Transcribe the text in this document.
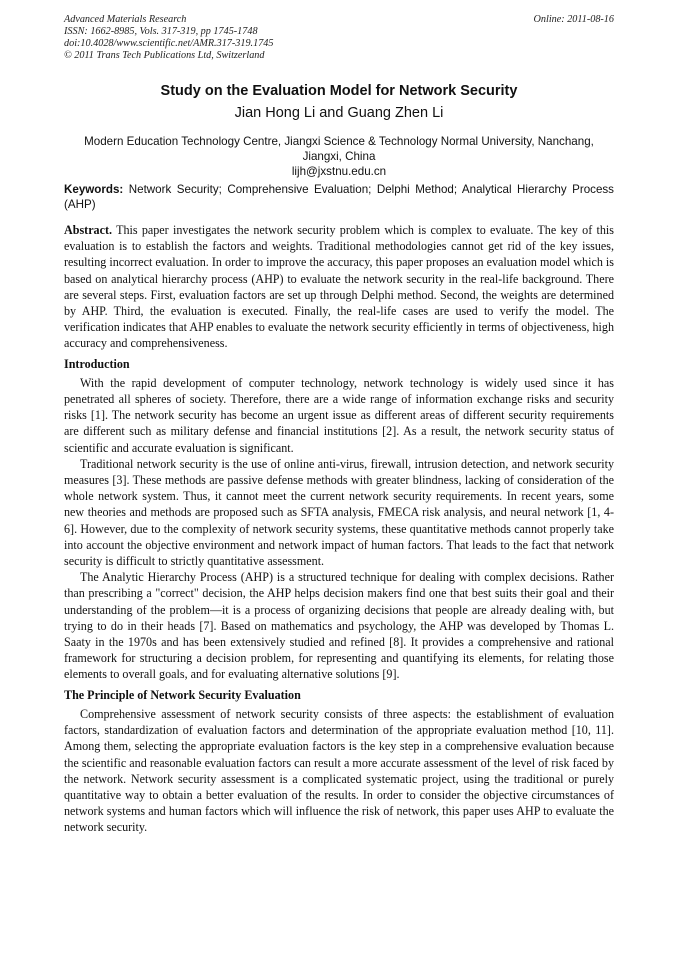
Advanced Materials Research
ISSN: 1662-8985, Vols. 317-319, pp 1745-1748
doi:10.4028/www.scientific.net/AMR.317-319.1745
© 2011 Trans Tech Publications Ltd, Switzerland
Online: 2011-08-16
Study on the Evaluation Model for Network Security
Jian Hong Li and Guang Zhen Li
Modern Education Technology Centre, Jiangxi Science & Technology Normal University, Nanchang, Jiangxi, China
lijh@jxstnu.edu.cn
Keywords: Network Security; Comprehensive Evaluation; Delphi Method; Analytical Hierarchy Process (AHP)

Abstract. This paper investigates the network security problem which is complex to evaluate. The key of this evaluation is to establish the factors and weights. Traditional methodologies cannot get rid of the key issues, resulting incorrect evaluation. In order to improve the accuracy, this paper proposes an evaluation model which is based on analytical hierarchy process (AHP) to evaluate the network security in the real-life background. There are several steps. First, evaluation factors are set up through Delphi method. Second, the weights are determined by AHP. Third, the evaluation is executed. Finally, the real-life cases are used to verify the model. The verification indicates that AHP enables to evaluate the network security efficiently in terms of objectiveness, high accuracy and comprehensiveness.

Introduction

With the rapid development of computer technology, network technology is widely used since it has penetrated all spheres of society. Therefore, there are a wide range of information exchange risks and security risks [1]. The network security has become an urgent issue as different areas of different security requirements are different such as military defense and financial institutions [2]. As a result, the network security status of scientific and accurate evaluation is significant.

Traditional network security is the use of online anti-virus, firewall, intrusion detection, and network security measures [3]. These methods are passive defense methods with greater blindness, lacking of consideration of the whole network system. Thus, it cannot meet the current network security requirements. In recent years, some new theories and methods are proposed such as SFTA analysis, FMECA risk analysis, and neural network [1, 4-6]. However, due to the complexity of network security systems, these quantitative methods cannot properly take into account the objective environment and network impact of human factors. That leads to the fact that network security is difficult to strictly quantitative assessment.

The Analytic Hierarchy Process (AHP) is a structured technique for dealing with complex decisions. Rather than prescribing a "correct" decision, the AHP helps decision makers find one that best suits their goal and their understanding of the problem—it is a process of organizing decisions that people are already dealing with, but trying to do in their heads [7]. Based on mathematics and psychology, the AHP was developed by Thomas L. Saaty in the 1970s and has been extensively studied and refined [8]. It provides a comprehensive and rational framework for structuring a decision problem, for representing and quantifying its elements, for relating those elements to overall goals, and for evaluating alternative solutions [9].

The Principle of Network Security Evaluation

Comprehensive assessment of network security consists of three aspects: the establishment of evaluation factors, standardization of evaluation factors and determination of the appropriate evaluation method [10, 11]. Among them, selecting the appropriate evaluation factors is the key step in a comprehensive evaluation because the scientific and reasonable evaluation factors can result a more accurate assessment of the level of risk faced by the network. Network security assessment is a complicated systematic project, using the traditional or purely quantitative way to obtain a better evaluation of the results. In order to consider the objective circumstances of network systems and human factors which will influence the risk of network, this paper uses AHP to evaluate the network security.
